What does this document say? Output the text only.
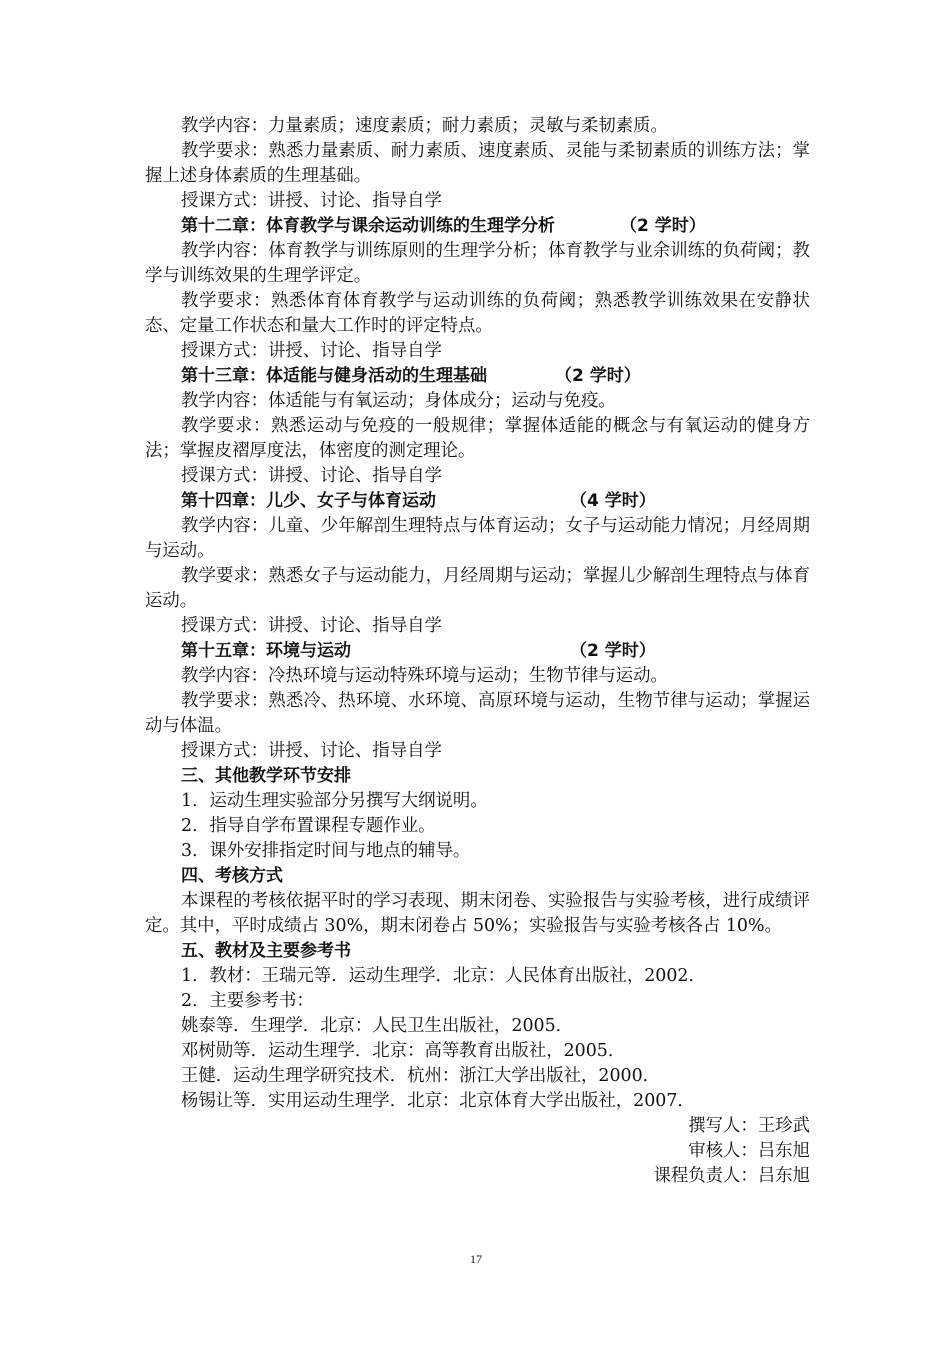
教学内容：力量素质；速度素质；耐力素质；灵敏与柔韧素质。

教学要求：熟悉力量素质、耐力素质、速度素质、灵能与柔韧素质的训练方法；掌握上述身体素质的生理基础。

授课方式：讲授、讨论、指导自学

第十二章：体育教学与课余运动训练的生理学分析	（2 学时）

教学内容：体育教学与训练原则的生理学分析；体育教学与业余训练的负荷阈；教学与训练效果的生理学评定。

教学要求：熟悉体育体育教学与运动训练的负荷阈；熟悉教学训练效果在安静状态、定量工作状态和量大工作时的评定特点。

授课方式：讲授、讨论、指导自学

第十三章：体适能与健身活动的生理基础	（2 学时）

教学内容：体适能与有氧运动；身体成分；运动与免疫。

教学要求：熟悉运动与免疫的一般规律；掌握体适能的概念与有氧运动的健身方法；掌握皮褶厚度法，体密度的测定理论。

授课方式：讲授、讨论、指导自学

第十四章：儿少、女子与体育运动	（4 学时）

教学内容：儿童、少年解剖生理特点与体育运动；女子与运动能力情况；月经周期与运动。

教学要求：熟悉女子与运动能力，月经周期与运动；掌握儿少解剖生理特点与体育运动。

授课方式：讲授、讨论、指导自学

第十五章：环境与运动	（2 学时）

教学内容：冷热环境与运动特殊环境与运动；生物节律与运动。

教学要求：熟悉冷、热环境、水环境、高原环境与运动，生物节律与运动；掌握运动与体温。

授课方式：讲授、讨论、指导自学

三、其他教学环节安排

1．运动生理实验部分另撰写大纲说明。

2．指导自学布置课程专题作业。

3．课外安排指定时间与地点的辅导。

四、考核方式

本课程的考核依据平时的学习表现、期末闭卷、实验报告与实验考核，进行成绩评定。其中，平时成绩占 30%，期末闭卷占 50%；实验报告与实验考核各占 10%。

五、教材及主要参考书

1．教材：王瑞元等．运动生理学．北京：人民体育出版社，2002．

2．主要参考书：

姚泰等．生理学．北京：人民卫生出版社，2005．

邓树勋等．运动生理学．北京：高等教育出版社，2005．

王健．运动生理学研究技术．杭州：浙江大学出版社，2000．

杨锡让等．实用运动生理学．北京：北京体育大学出版社，2007．

撰写人：王珍武

审核人：吕东旭

课程负责人：吕东旭

17
